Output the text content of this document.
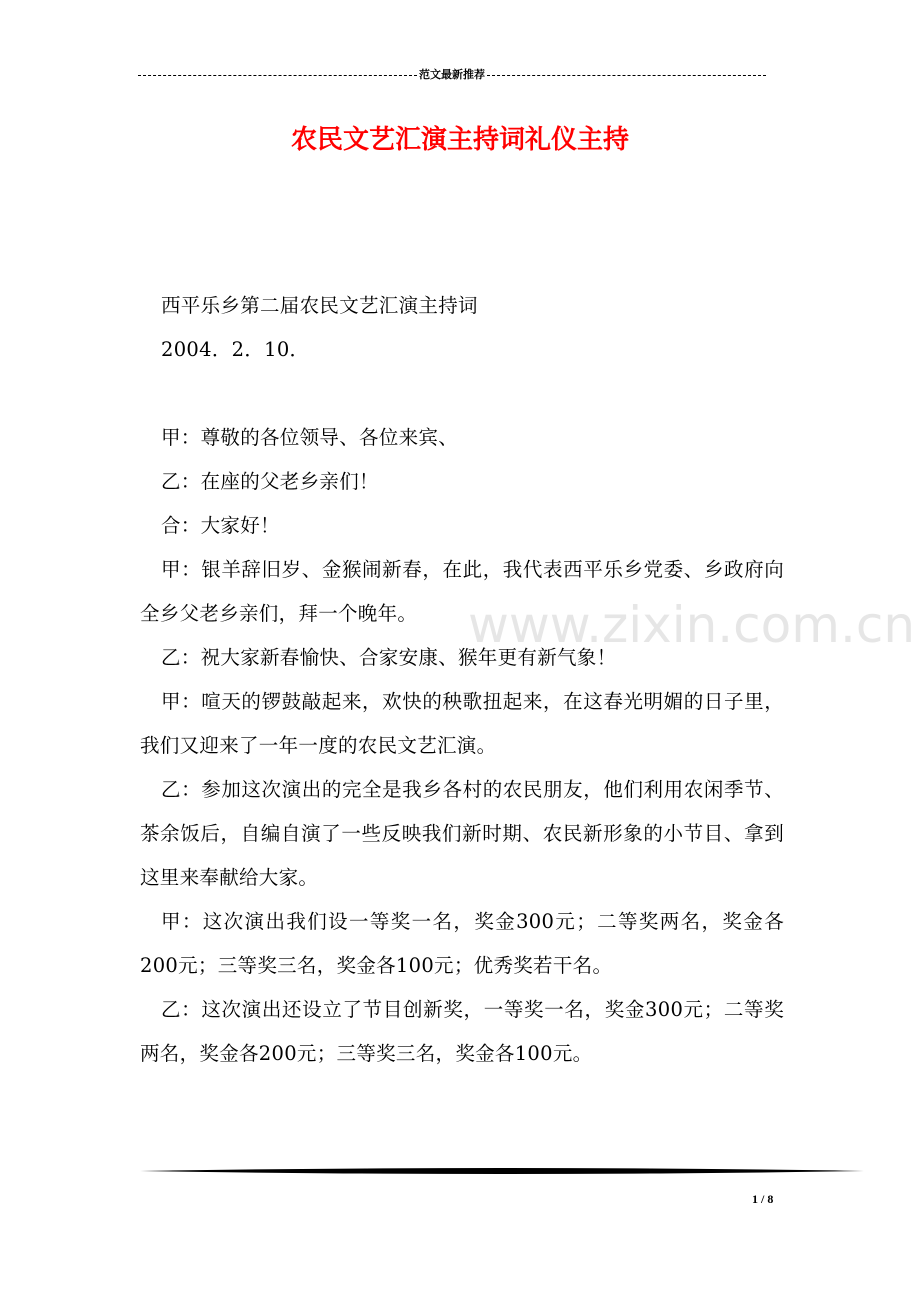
范文最新推荐
农民文艺汇演主持词礼仪主持
www.zixin.com.cn

西平乐乡第二届农民文艺汇演主持词

2004．2．10．

甲：尊敬的各位领导、各位来宾、

乙：在座的父老乡亲们！

合：大家好！

甲：银羊辞旧岁、金猴闹新春，在此，我代表西平乐乡党委、乡政府向全乡父老乡亲们，拜一个晚年。

乙：祝大家新春愉快、合家安康、猴年更有新气象！

甲：喧天的锣鼓敲起来，欢快的秧歌扭起来，在这春光明媚的日子里，我们又迎来了一年一度的农民文艺汇演。

乙：参加这次演出的完全是我乡各村的农民朋友，他们利用农闲季节、茶余饭后，自编自演了一些反映我们新时期、农民新形象的小节目、拿到这里来奉献给大家。

甲：这次演出我们设一等奖一名，奖金300元；二等奖两名，奖金各200元；三等奖三名，奖金各100元；优秀奖若干名。

乙：这次演出还设立了节目创新奖，一等奖一名，奖金300元；二等奖两名，奖金各200元；三等奖三名，奖金各100元。

1 / 8
